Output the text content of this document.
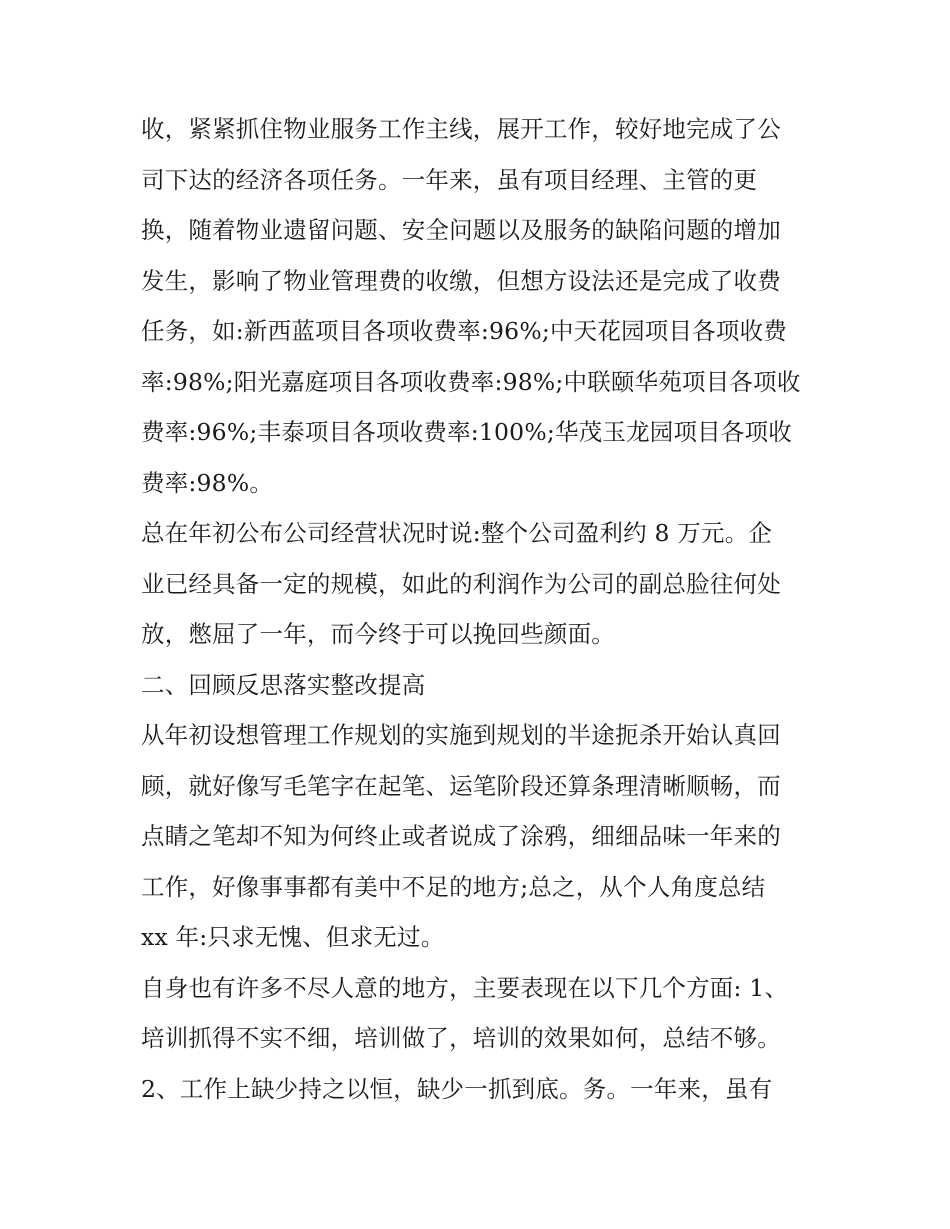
收，紧紧抓住物业服务工作主线，展开工作，较好地完成了公
司下达的经济各项任务。一年来，虽有项目经理、主管的更
换，随着物业遗留问题、安全问题以及服务的缺陷问题的增加
发生，影响了物业管理费的收缴，但想方设法还是完成了收费
任务，如:新西蓝项目各项收费率:96%;中天花园项目各项收费
率:98%;阳光嘉庭项目各项收费率:98%;中联颐华苑项目各项收
费率:96%;丰泰项目各项收费率:100%;华茂玉龙园项目各项收
费率:98%。
总在年初公布公司经营状况时说:整个公司盈利约 8 万元。企
业已经具备一定的规模，如此的利润作为公司的副总脸往何处
放，憋屈了一年，而今终于可以挽回些颜面。
二、回顾反思落实整改提高
从年初设想管理工作规划的实施到规划的半途扼杀开始认真回
顾，就好像写毛笔字在起笔、运笔阶段还算条理清晰顺畅，而
点睛之笔却不知为何终止或者说成了涂鸦，细细品味一年来的
工作，好像事事都有美中不足的地方;总之，从个人角度总结
xx 年:只求无愧、但求无过。
自身也有许多不尽人意的地方，主要表现在以下几个方面: 1、
培训抓得不实不细，培训做了，培训的效果如何，总结不够。
2、工作上缺少持之以恒，缺少一抓到底。务。一年来，虽有
